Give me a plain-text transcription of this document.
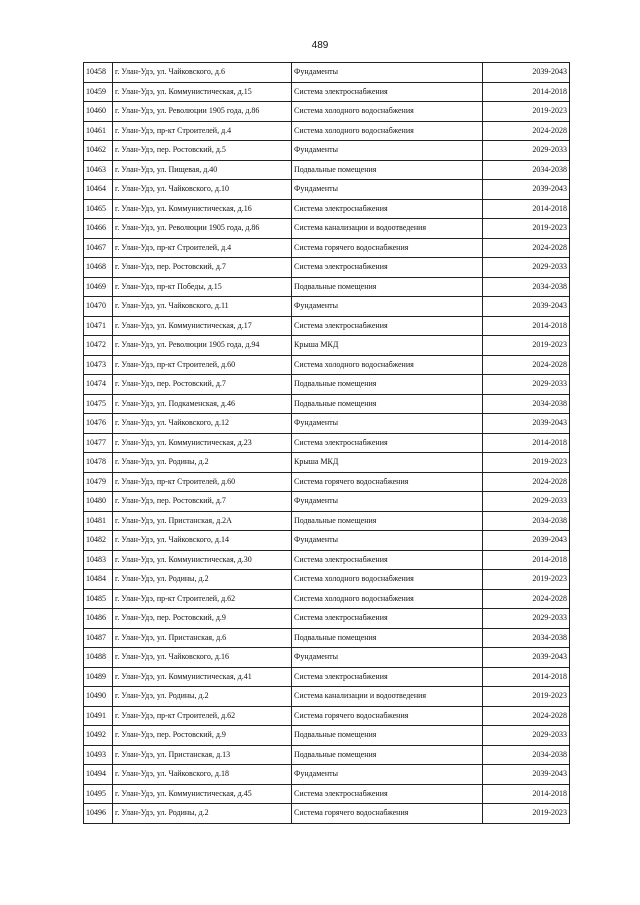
489
10458	г. Улан-Удэ, ул. Чайковского, д.6	Фундаменты	2039-2043
10459	г. Улан-Удэ, ул. Коммунистическая, д.15	Система электроснабжения	2014-2018
10460	г. Улан-Удэ, ул. Революции 1905 года, д.86	Система холодного водоснабжения	2019-2023
10461	г. Улан-Удэ, пр-кт Строителей, д.4	Система холодного водоснабжения	2024-2028
10462	г. Улан-Удэ, пер. Ростовский, д.5	Фундаменты	2029-2033
10463	г. Улан-Удэ, ул. Пищевая, д.40	Подвальные помещения	2034-2038
10464	г. Улан-Удэ, ул. Чайковского, д.10	Фундаменты	2039-2043
10465	г. Улан-Удэ, ул. Коммунистическая, д.16	Система электроснабжения	2014-2018
10466	г. Улан-Удэ, ул. Революции 1905 года, д.86	Система канализации и водоотведения	2019-2023
10467	г. Улан-Удэ, пр-кт Строителей, д.4	Система горячего водоснабжения	2024-2028
10468	г. Улан-Удэ, пер. Ростовский, д.7	Система электроснабжения	2029-2033
10469	г. Улан-Удэ, пр-кт Победы, д.15	Подвальные помещения	2034-2038
10470	г. Улан-Удэ, ул. Чайковского, д.11	Фундаменты	2039-2043
10471	г. Улан-Удэ, ул. Коммунистическая, д.17	Система электроснабжения	2014-2018
10472	г. Улан-Удэ, ул. Революции 1905 года, д.94	Крыша МКД	2019-2023
10473	г. Улан-Удэ, пр-кт Строителей, д.60	Система холодного водоснабжения	2024-2028
10474	г. Улан-Удэ, пер. Ростовский, д.7	Подвальные помещения	2029-2033
10475	г. Улан-Удэ, ул. Подкаменская, д.46	Подвальные помещения	2034-2038
10476	г. Улан-Удэ, ул. Чайковского, д.12	Фундаменты	2039-2043
10477	г. Улан-Удэ, ул. Коммунистическая, д.23	Система электроснабжения	2014-2018
10478	г. Улан-Удэ, ул. Родины, д.2	Крыша МКД	2019-2023
10479	г. Улан-Удэ, пр-кт Строителей, д.60	Система горячего водоснабжения	2024-2028
10480	г. Улан-Удэ, пер. Ростовский, д.7	Фундаменты	2029-2033
10481	г. Улан-Удэ, ул. Пристанская, д.2А	Подвальные помещения	2034-2038
10482	г. Улан-Удэ, ул. Чайковского, д.14	Фундаменты	2039-2043
10483	г. Улан-Удэ, ул. Коммунистическая, д.30	Система электроснабжения	2014-2018
10484	г. Улан-Удэ, ул. Родины, д.2	Система холодного водоснабжения	2019-2023
10485	г. Улан-Удэ, пр-кт Строителей, д.62	Система холодного водоснабжения	2024-2028
10486	г. Улан-Удэ, пер. Ростовский, д.9	Система электроснабжения	2029-2033
10487	г. Улан-Удэ, ул. Пристанская, д.6	Подвальные помещения	2034-2038
10488	г. Улан-Удэ, ул. Чайковского, д.16	Фундаменты	2039-2043
10489	г. Улан-Удэ, ул. Коммунистическая, д.41	Система электроснабжения	2014-2018
10490	г. Улан-Удэ, ул. Родины, д.2	Система канализации и водоотведения	2019-2023
10491	г. Улан-Удэ, пр-кт Строителей, д.62	Система горячего водоснабжения	2024-2028
10492	г. Улан-Удэ, пер. Ростовский, д.9	Подвальные помещения	2029-2033
10493	г. Улан-Удэ, ул. Пристанская, д.13	Подвальные помещения	2034-2038
10494	г. Улан-Удэ, ул. Чайковского, д.18	Фундаменты	2039-2043
10495	г. Улан-Удэ, ул. Коммунистическая, д.45	Система электроснабжения	2014-2018
10496	г. Улан-Удэ, ул. Родины, д.2	Система горячего водоснабжения	2019-2023
